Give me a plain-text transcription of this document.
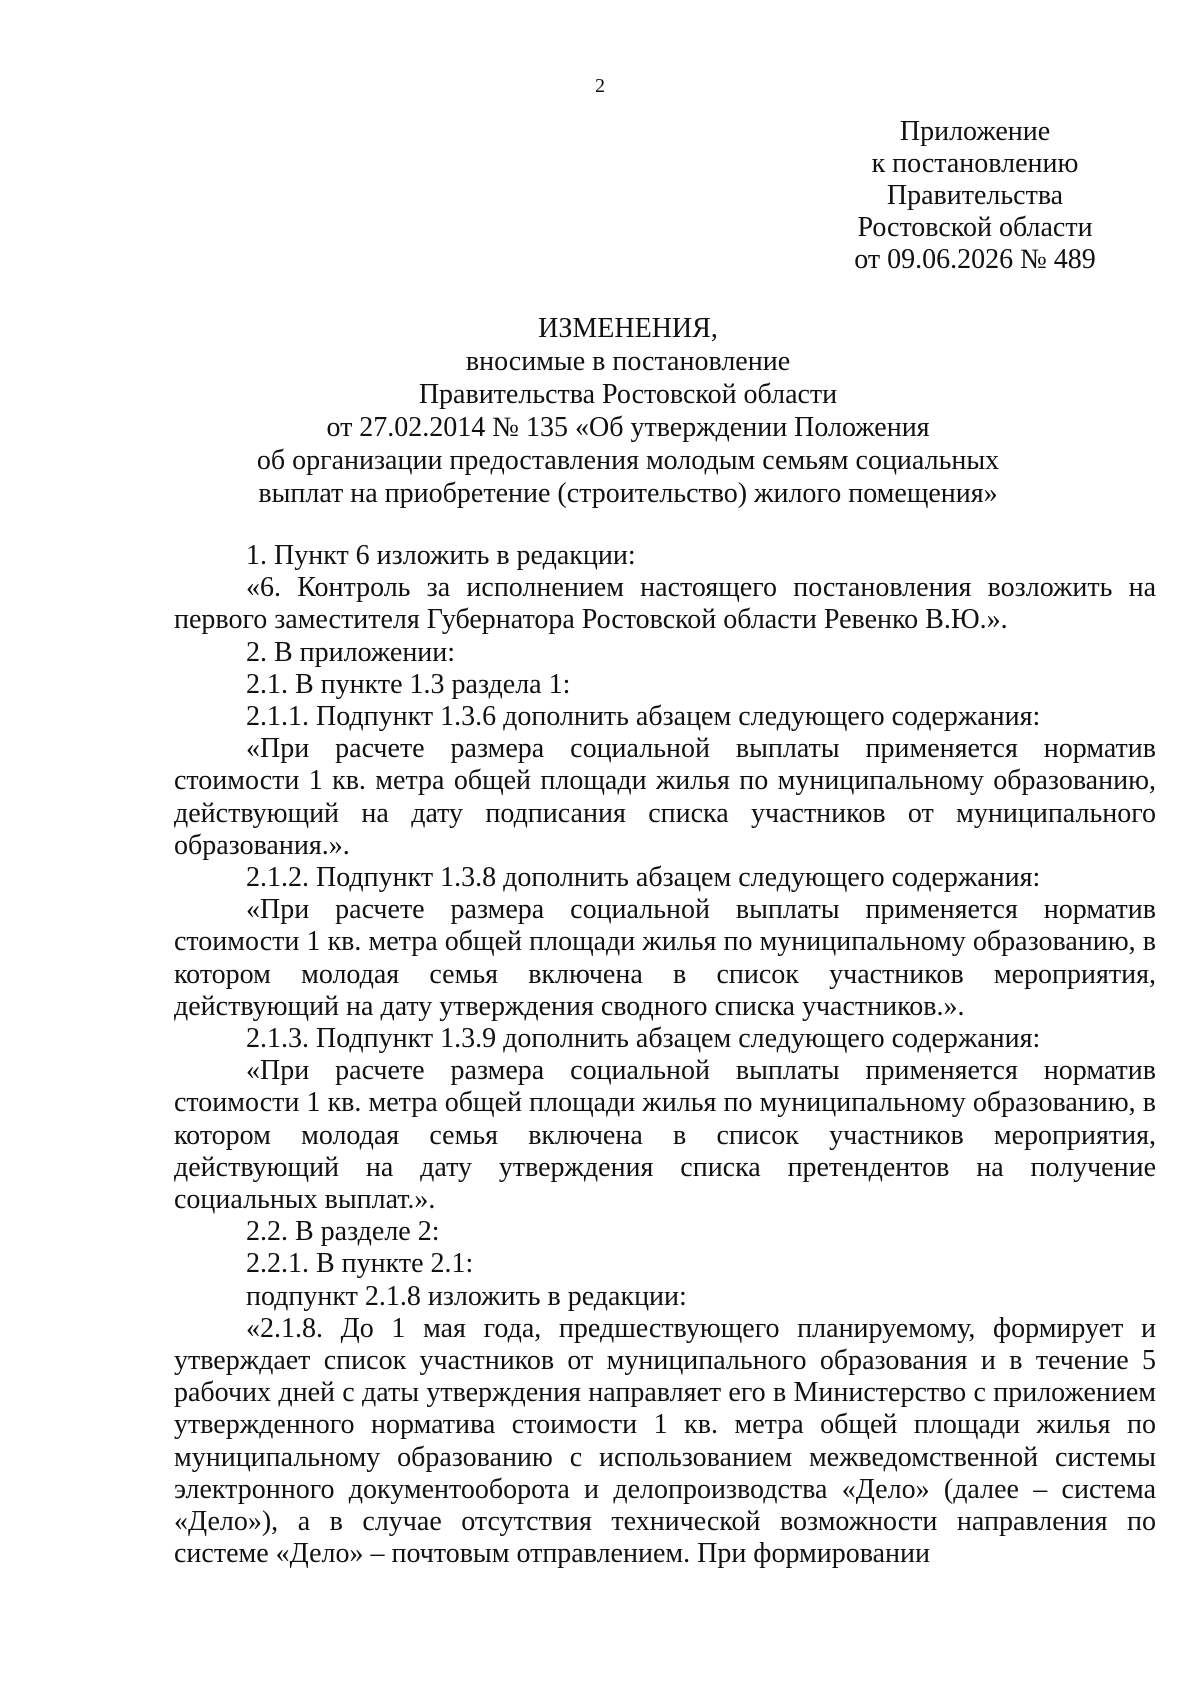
2
Приложение
к постановлению
Правительства
Ростовской области
от 09.06.2026 № 489
ИЗМЕНЕНИЯ,
вносимые в постановление
Правительства Ростовской области
от 27.02.2014 № 135 «Об утверждении Положения
об организации предоставления молодым семьям социальных
выплат на приобретение (строительство) жилого помещения»

1. Пункт 6 изложить в редакции:

«6. Контроль за исполнением настоящего постановления возложить на первого заместителя Губернатора Ростовской области Ревенко В.Ю.».

2. В приложении:

2.1. В пункте 1.3 раздела 1:

2.1.1. Подпункт 1.3.6 дополнить абзацем следующего содержания:

«При расчете размера социальной выплаты применяется норматив стоимости 1 кв. метра общей площади жилья по муниципальному образованию, действующий на дату подписания списка участников от муниципального образования.».

2.1.2. Подпункт 1.3.8 дополнить абзацем следующего содержания:

«При расчете размера социальной выплаты применяется норматив стоимости 1 кв. метра общей площади жилья по муниципальному образованию, в котором молодая семья включена в список участников мероприятия, действующий на дату утверждения сводного списка участников.».

2.1.3. Подпункт 1.3.9 дополнить абзацем следующего содержания:

«При расчете размера социальной выплаты применяется норматив стоимости 1 кв. метра общей площади жилья по муниципальному образованию, в котором молодая семья включена в список участников мероприятия, действующий на дату утверждения списка претендентов на получение социальных выплат.».

2.2. В разделе 2:

2.2.1. В пункте 2.1:

подпункт 2.1.8 изложить в редакции:

«2.1.8. До 1 мая года, предшествующего планируемому, формирует и утверждает список участников от муниципального образования и в течение 5 рабочих дней с даты утверждения направляет его в Министерство с приложением утвержденного норматива стоимости 1 кв. метра общей площади жилья по муниципальному образованию с использованием межведомственной системы электронного документооборота и делопроизводства «Дело» (далее – система «Дело»), а в случае отсутствия технической возможности направления по системе «Дело» – почтовым отправлением. При формировании
